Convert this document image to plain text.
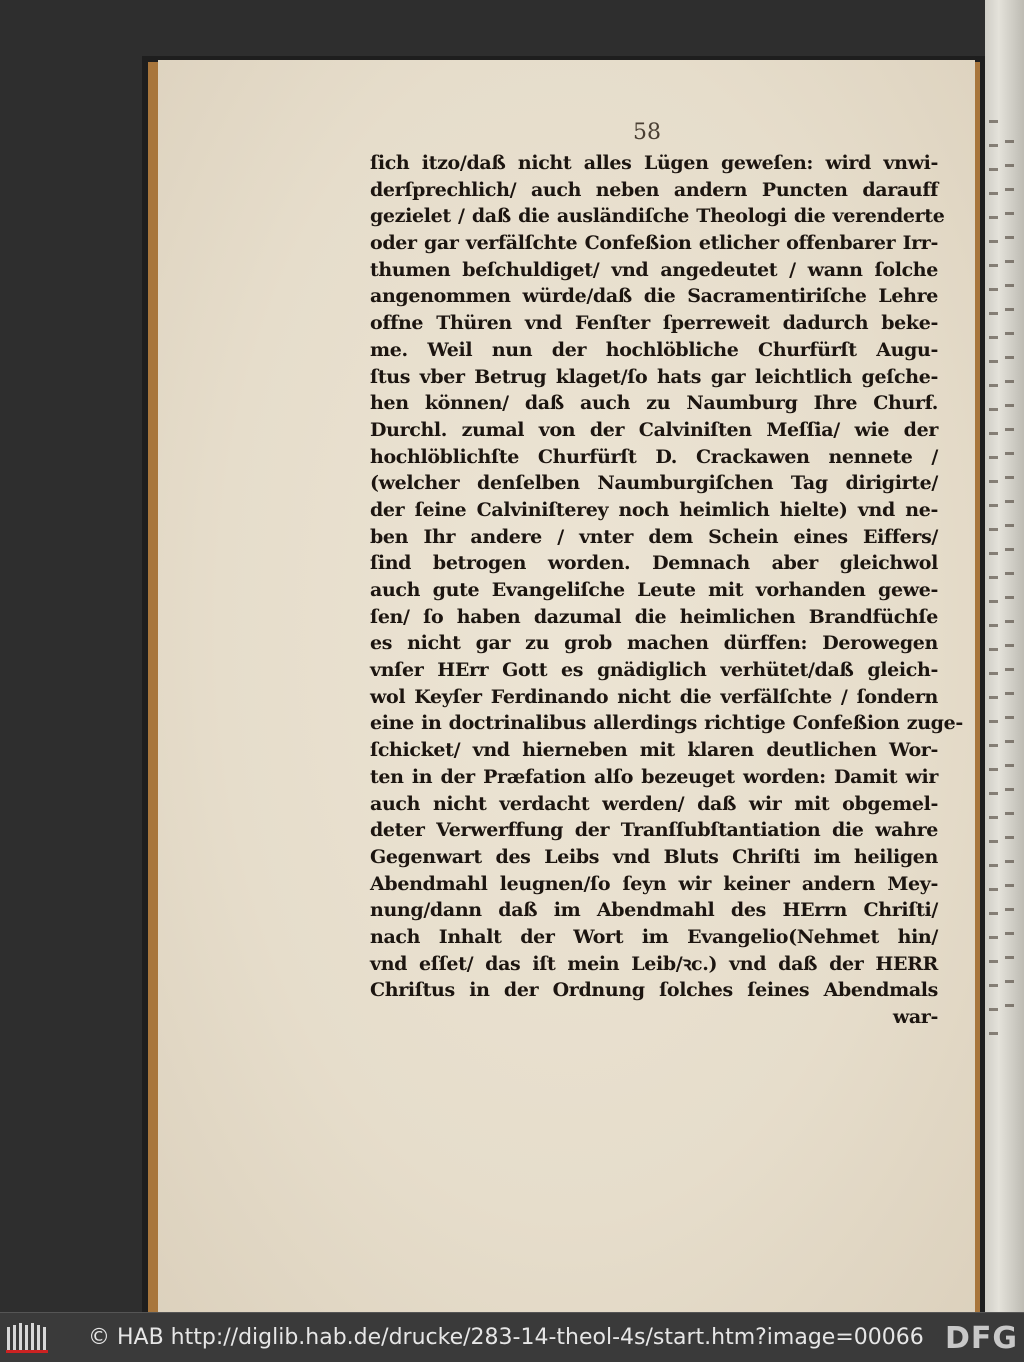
58
ſich itzo/daß nicht alles Lügen geweſen: wird vnwi-
derſprechlich/ auch neben andern Puncten darauff
gezielet / daß die ausländiſche Theologi die verenderte
oder gar verfälſchte Confeßion etlicher offenbarer Irr-
thumen beſchuldiget/ vnd angedeutet / wann ſolche
angenommen würde/daß die Sacramentiriſche Lehre
offne Thüren vnd Fenſter ſperreweit dadurch beke-
me. Weil nun der hochlöbliche Churfürſt Augu-
ſtus vber Betrug klaget/ſo hats gar leichtlich geſche-
hen können/ daß auch zu Naumburg Ihre Churf.
Durchl. zumal von der Calviniſten Meſſia/ wie der
hochlöblichſte Churfürſt D. Crackawen nennete /
(welcher denſelben Naumburgiſchen Tag dirigirte/
der ſeine Calviniſterey noch heimlich hielte) vnd ne-
ben Ihr andere / vnter dem Schein eines Eiffers/
ſind betrogen worden. Demnach aber gleichwol
auch gute Evangeliſche Leute mit vorhanden gewe-
ſen/ ſo haben dazumal die heimlichen Brandfüchſe
es nicht gar zu grob machen dürffen: Derowegen
vnſer HErr Gott es gnädiglich verhütet/daß gleich-
wol Keyſer Ferdinando nicht die verfälſchte / ſondern
eine in doctrinalibus allerdings richtige Confeßion zuge-
ſchicket/ vnd hierneben mit klaren deutlichen Wor-
ten in der Præfation alſo bezeuget worden: Damit wir
auch nicht verdacht werden/ daß wir mit obgemel-
deter Verwerffung der Tranſſubſtantiation die wahre
Gegenwart des Leibs vnd Bluts Chriſti im heiligen
Abendmahl leugnen/ſo ſeyn wir keiner andern Mey-
nung/dann daß im Abendmahl des HErrn Chriſti/
nach Inhalt der Wort im Evangelio(Nehmet hin/
vnd eſſet/ das iſt mein Leib/ꝛc.) vnd daß der HERR
Chriſtus in der Ordnung ſolches ſeines Abendmals
war-
© HAB http://diglib.hab.de/drucke/283-14-theol-4s/start.htm?image=00066 DFG
